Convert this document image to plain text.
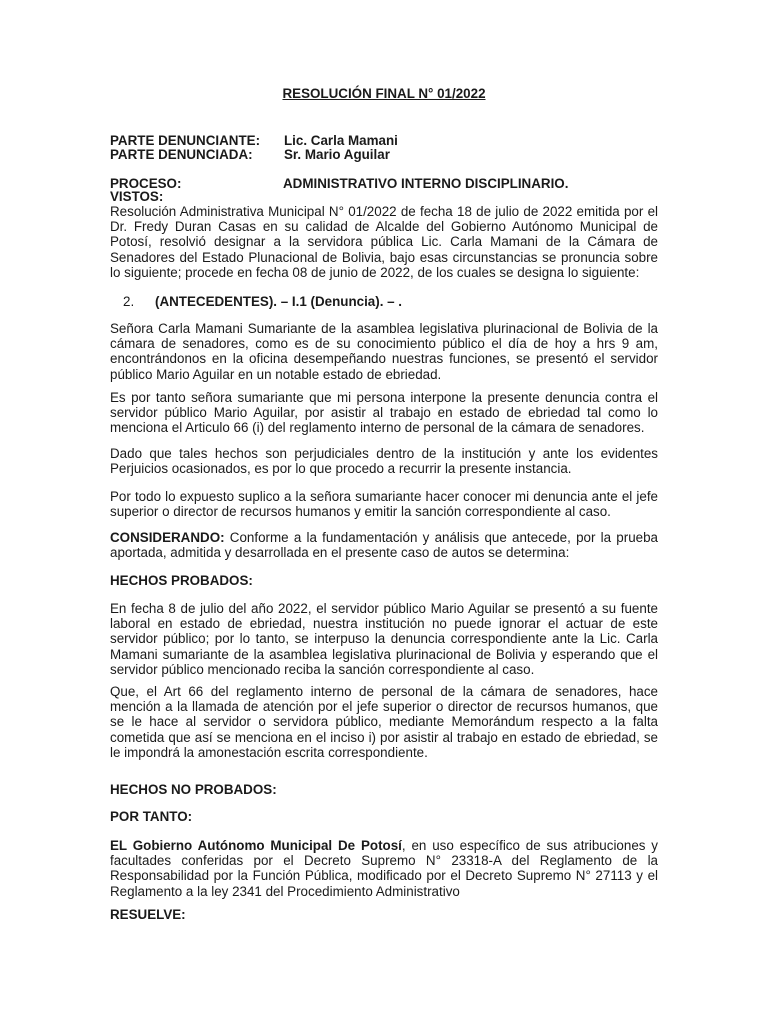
RESOLUCIÓN FINAL N° 01/2022
PARTE DENUNCIANTE: Lic. Carla Mamani
PARTE DENUNCIADA: Sr. Mario Aguilar
PROCESO:	ADMINISTRATIVO INTERNO DISCIPLINARIO.
VISTOS:

Resolución Administrativa Municipal N° 01/2022 de fecha 18 de julio de 2022 emitida por el Dr. Fredy Duran Casas en su calidad de Alcalde del Gobierno Autónomo Municipal de Potosí, resolvió designar a la servidora pública Lic. Carla Mamani de la Cámara de Senadores del Estado Plunacional de Bolivia, bajo esas circunstancias se pronuncia sobre lo siguiente; procede en fecha 08 de junio de 2022, de los cuales se designa lo siguiente:

2. (ANTECEDENTES). – I.1 (Denuncia). – .

Señora Carla Mamani Sumariante de la asamblea legislativa plurinacional de Bolivia de la cámara de senadores, como es de su conocimiento público el día de hoy a hrs 9 am, encontrándonos en la oficina desempeñando nuestras funciones, se presentó el servidor público Mario Aguilar en un notable estado de ebriedad.

Es por tanto señora sumariante que mi persona interpone la presente denuncia contra el servidor público Mario Aguilar, por asistir al trabajo en estado de ebriedad tal como lo menciona el Articulo 66 (i) del reglamento interno de personal de la cámara de senadores.

Dado que tales hechos son perjudiciales dentro de la institución y ante los evidentes Perjuicios ocasionados, es por lo que procedo a recurrir la presente instancia.

Por todo lo expuesto suplico a la señora sumariante hacer conocer mi denuncia ante el jefe superior o director de recursos humanos y emitir la sanción correspondiente al caso.

CONSIDERANDO: Conforme a la fundamentación y análisis que antecede, por la prueba aportada, admitida y desarrollada en el presente caso de autos se determina:

HECHOS PROBADOS:

En fecha 8 de julio del año 2022, el servidor público Mario Aguilar se presentó a su fuente laboral en estado de ebriedad, nuestra institución no puede ignorar el actuar de este servidor público; por lo tanto, se interpuso la denuncia correspondiente ante la Lic. Carla Mamani sumariante de la asamblea legislativa plurinacional de Bolivia y esperando que el servidor público mencionado reciba la sanción correspondiente al caso.

Que, el Art 66 del reglamento interno de personal de la cámara de senadores, hace mención a la llamada de atención por el jefe superior o director de recursos humanos, que se le hace al servidor o servidora público, mediante Memorándum respecto a la falta cometida que así se menciona en el inciso i) por asistir al trabajo en estado de ebriedad, se le impondrá la amonestación escrita correspondiente.

HECHOS NO PROBADOS:
POR TANTO:

EL Gobierno Autónomo Municipal De Potosí, en uso específico de sus atribuciones y facultades conferidas por el Decreto Supremo N° 23318-A del Reglamento de la Responsabilidad por la Función Pública, modificado por el Decreto Supremo N° 27113 y el Reglamento a la ley 2341 del Procedimiento Administrativo

RESUELVE:
